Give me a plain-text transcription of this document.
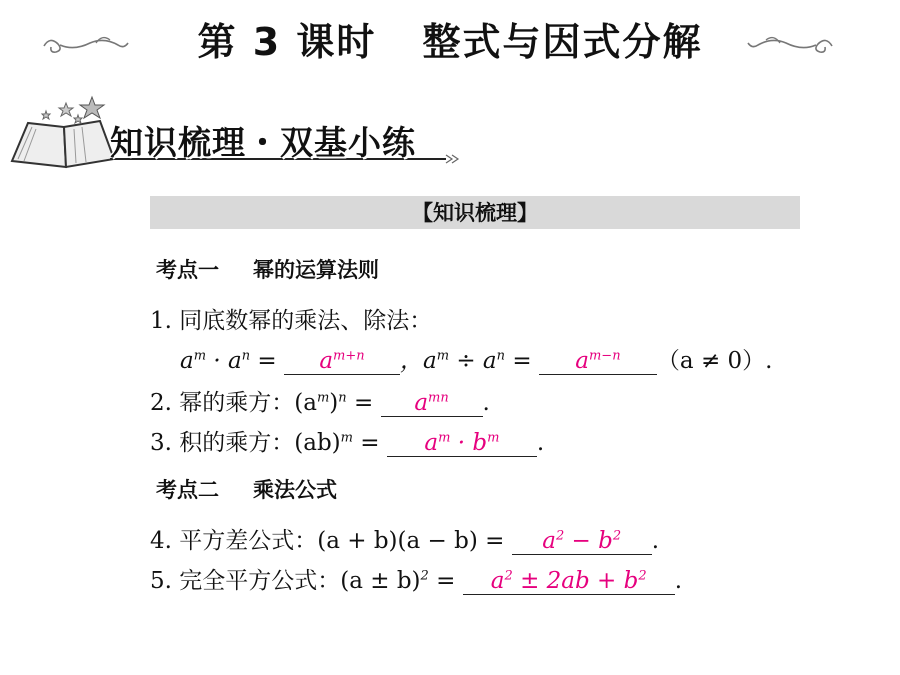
第 3 课时 整式与因式分解
知识梳理・双基小练
【知识梳理】
考点一 幂的运算法则
1. 同底数幂的乘法、除法：
$a^m \cdot a^n = a^{m+n}$ ，$a^m \div a^n = a^{m-n}$ （a ≠ 0）.
2. 幂的乘方：$(a^m)^n = a^{mn}$ .
3. 积的乘方：$(ab)^m = a^m \cdot b^m$ .
考点二 乘法公式
4. 平方差公式：$(a + b)(a - b) = a^2 - b^2$ .
5. 完全平方公式：$(a \pm b)^2 = a^2 \pm 2ab + b^2$ .
